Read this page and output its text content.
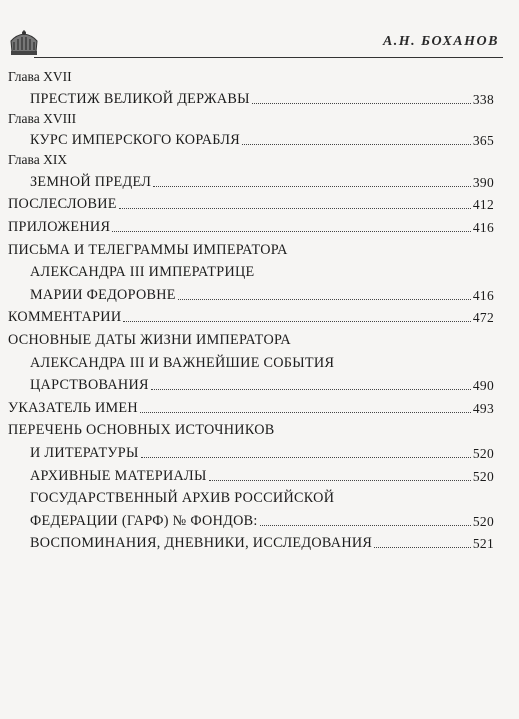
А.Н. БОХАНОВ
Глава XVII
ПРЕСТИЖ ВЕЛИКОЙ ДЕРЖАВЫ	338
Глава XVIII
КУРС ИМПЕРСКОГО КОРАБЛЯ	365
Глава XIX
ЗЕМНОЙ ПРЕДЕЛ	390
ПОСЛЕСЛОВИЕ	412
ПРИЛОЖЕНИЯ	416
ПИСЬМА И ТЕЛЕГРАММЫ ИМПЕРАТОРА
АЛЕКСАНДРА III ИМПЕРАТРИЦЕ
МАРИИ ФЕДОРОВНЕ	416
КОММЕНТАРИИ	472
ОСНОВНЫЕ ДАТЫ ЖИЗНИ ИМПЕРАТОРА
АЛЕКСАНДРА III И ВАЖНЕЙШИЕ СОБЫТИЯ
ЦАРСТВОВАНИЯ	490
УКАЗАТЕЛЬ ИМЕН	493
ПЕРЕЧЕНЬ ОСНОВНЫХ ИСТОЧНИКОВ
И ЛИТЕРАТУРЫ	520
АРХИВНЫЕ МАТЕРИАЛЫ	520
ГОСУДАРСТВЕННЫЙ АРХИВ РОССИЙСКОЙ
ФЕДЕРАЦИИ (ГАРФ) № ФОНДОВ:	520
ВОСПОМИНАНИЯ, ДНЕВНИКИ, ИССЛЕДОВАНИЯ	521
